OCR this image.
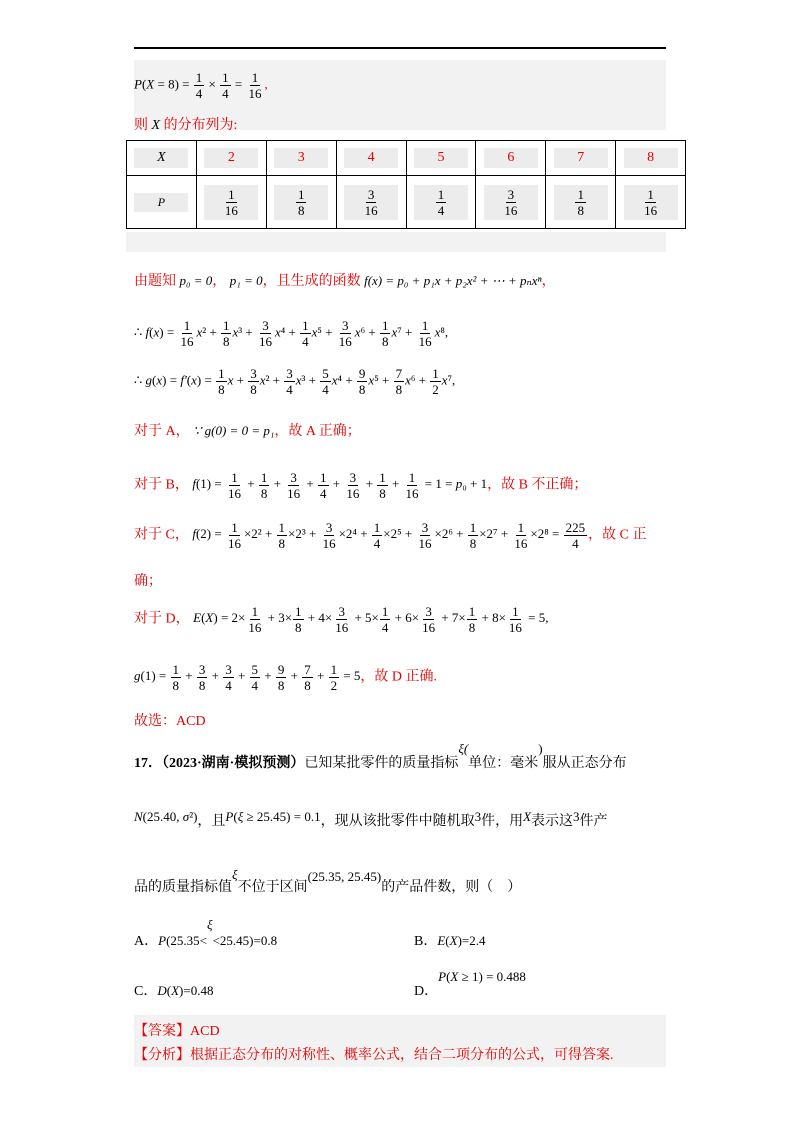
$P(X = 8) = \frac{1}{4} \times \frac{1}{4} = \frac{1}{16}$ ,
则 X 的分布列为:
X	2	3	4	5	6	7	8
P	$\frac{1}{16}$	$\frac{1}{8}$	$\frac{3}{16}$	$\frac{1}{4}$	$\frac{3}{16}$	$\frac{1}{8}$	$\frac{1}{16}$
由题知 p₀ = 0， p₁ = 0，且生成的函数 f(x) = p₀ + p₁x + p₂x² + ⋯ + pₙxⁿ，
∴ $f(x) = \frac{1}{16} x^2 + \frac{1}{8} x^3 + \frac{3}{16} x^4 + \frac{1}{4} x^5 + \frac{3}{16} x^6 + \frac{1}{8} x^7 + \frac{1}{16} x^8$,
∴ $g(x) = f'(x) = \frac{1}{8}$ $x + \frac{3}{8} x^2 + \frac{3}{4} x^3 + \frac{5}{4} x^4 + \frac{9}{8} x^5 + \frac{7}{8} x^6 + \frac{1}{2} x^7$,
对于 A， ∵ g(0) = 0 = p₁，故 A 正确；
对于 B， $f(1) = \frac{1}{16} + \frac{1}{8} + \frac{3}{16} + \frac{1}{4} + \frac{3}{16} + \frac{1}{8} + \frac{1}{16} = 1 = p_0 + 1$，故 B 不正确；
对于 C， $f(2) = \frac{1}{16} \times 2^2 + \frac{1}{8} \times 2^3 + \frac{3}{16} \times 2^4 + \frac{1}{4} \times 2^5 + \frac{3}{16} \times 2^6 + \frac{1}{8} \times 2^7 + \frac{1}{16} \times 2^8 = \frac{225}{4}$ ，故 C 正
确；
对于 D， $E(X) = 2\times \frac{1}{16} + 3\times \frac{1}{8} + 4\times \frac{3}{16} + 5\times \frac{1}{4} + 6\times \frac{3}{16} + 7\times \frac{1}{8} + 8\times \frac{1}{16} = 5$,
$g(1) = \frac{1}{8} + \frac{3}{8} + \frac{3}{4} + \frac{5}{4} + \frac{9}{8} + \frac{7}{8} + \frac{1}{2} = 5$，故 D 正确.
故选：ACD
17．（2023·湖南·模拟预测）已知某批零件的质量指标ξ(单位：毫米)服从正态分布
N(25.40, σ²)，且P(ξ ≥ 25.45) = 0.1，现从该批零件中随机取3件，用X表示这3件产
品的质量指标值ξ不位于区间(25.35, 25.45)的产品件数，则（　）
A．P(25.35<ξ<25.45)=0.8	B．E(X)=2.4
C．D(X)=0.48	D．P(X ≥ 1) = 0.488
【答案】ACD
【分析】根据正态分布的对称性、概率公式，结合二项分布的公式，可得答案.
